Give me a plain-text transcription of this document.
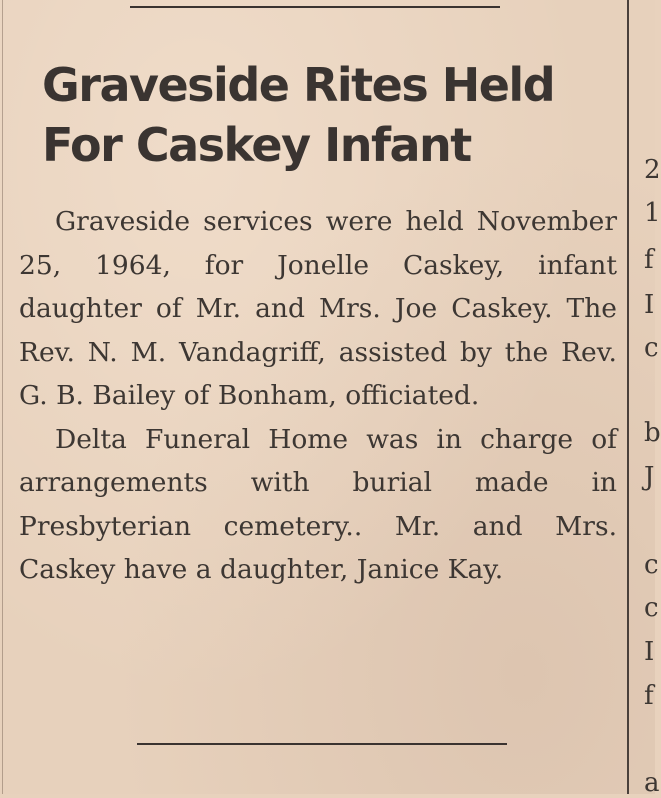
Graveside Rites Held
For Caskey Infant

Graveside services were held November 25, 1964, for Jonelle Caskey, infant daughter of Mr. and Mrs. Joe Caskey. The Rev. N. M. Vandagriff, assisted by the Rev. G. B. Bailey of Bonham, officiated.

Delta Funeral Home was in charge of arrangements with burial made in Presbyterian cemetery.. Mr. and Mrs. Caskey have a daughter, Janice Kay.

2
1
f
I
c
b
J
c
c
I
f
a
